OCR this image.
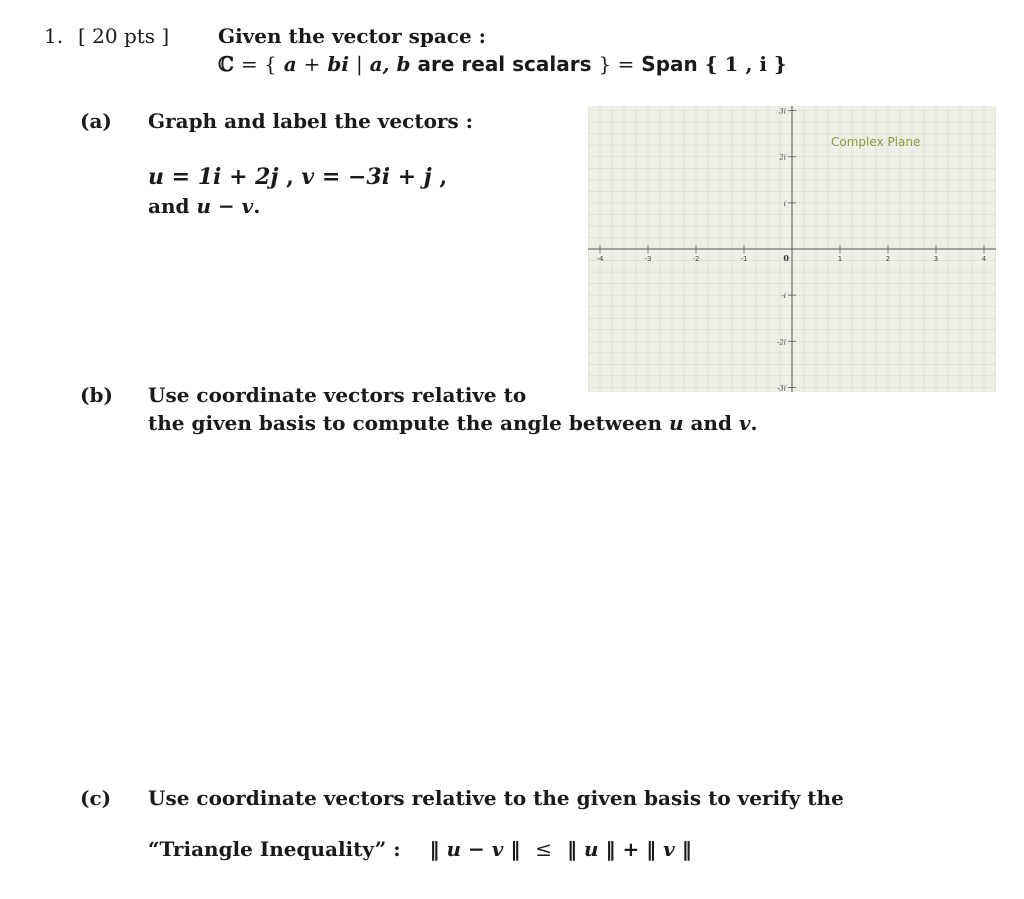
1. [ 20 pts ] Given the vector space :
ℂ = { a + bi | a, b are real scalars } = Span { 1 , i }
(a) Graph and label the vectors :
u = 1i + 2j , v = −3i + j ,
and u − v.
-4	-3	-2	-1	1	2	3	4
0
3i
2i
i
-i
-2i
-3i
Complex Plane
(b) Use coordinate vectors relative to
the given basis to compute the angle between u and v.
(c) Use coordinate vectors relative to the given basis to verify the
“Triangle Inequality” : ‖ u − v ‖ ≤ ‖ u ‖ + ‖ v ‖
